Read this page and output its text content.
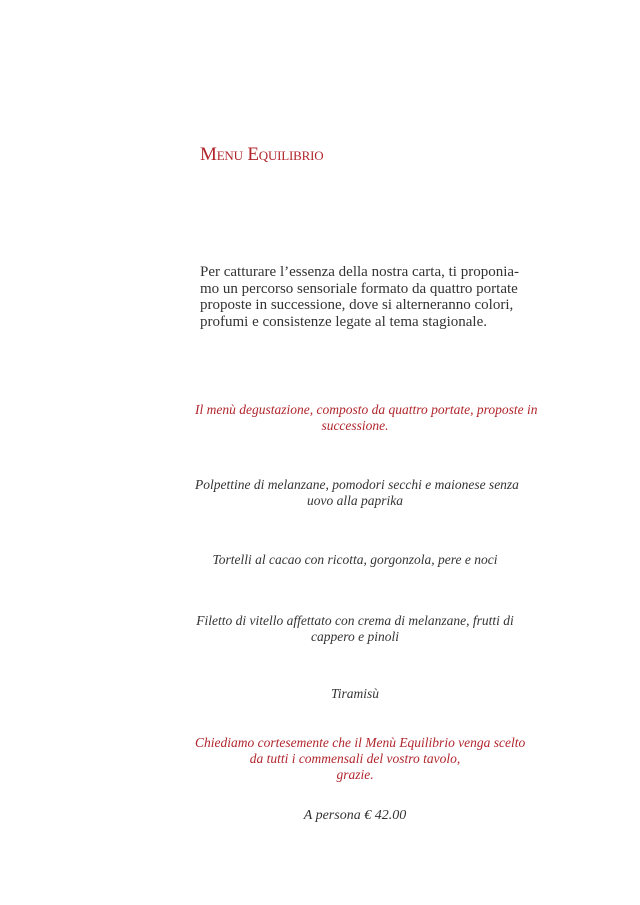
Menu Equilibrio
Per catturare l’essenza della nostra carta, ti proponia-
mo un percorso sensoriale formato da quattro portate
proposte in successione, dove si alterneranno colori,
profumi e consistenze legate al tema stagionale.
Il menù degustazione, composto da quattro portate, proposte in
successione.
Polpettine di melanzane, pomodori secchi e maionese senza
uovo alla paprika
Tortelli al cacao con ricotta, gorgonzola, pere e noci
Filetto di vitello affettato con crema di melanzane, frutti di
cappero e pinoli
Tiramisù
Chiediamo cortesemente che il Menù Equilibrio venga scelto
da tutti i commensali del vostro tavolo,
grazie.
A persona € 42.00
